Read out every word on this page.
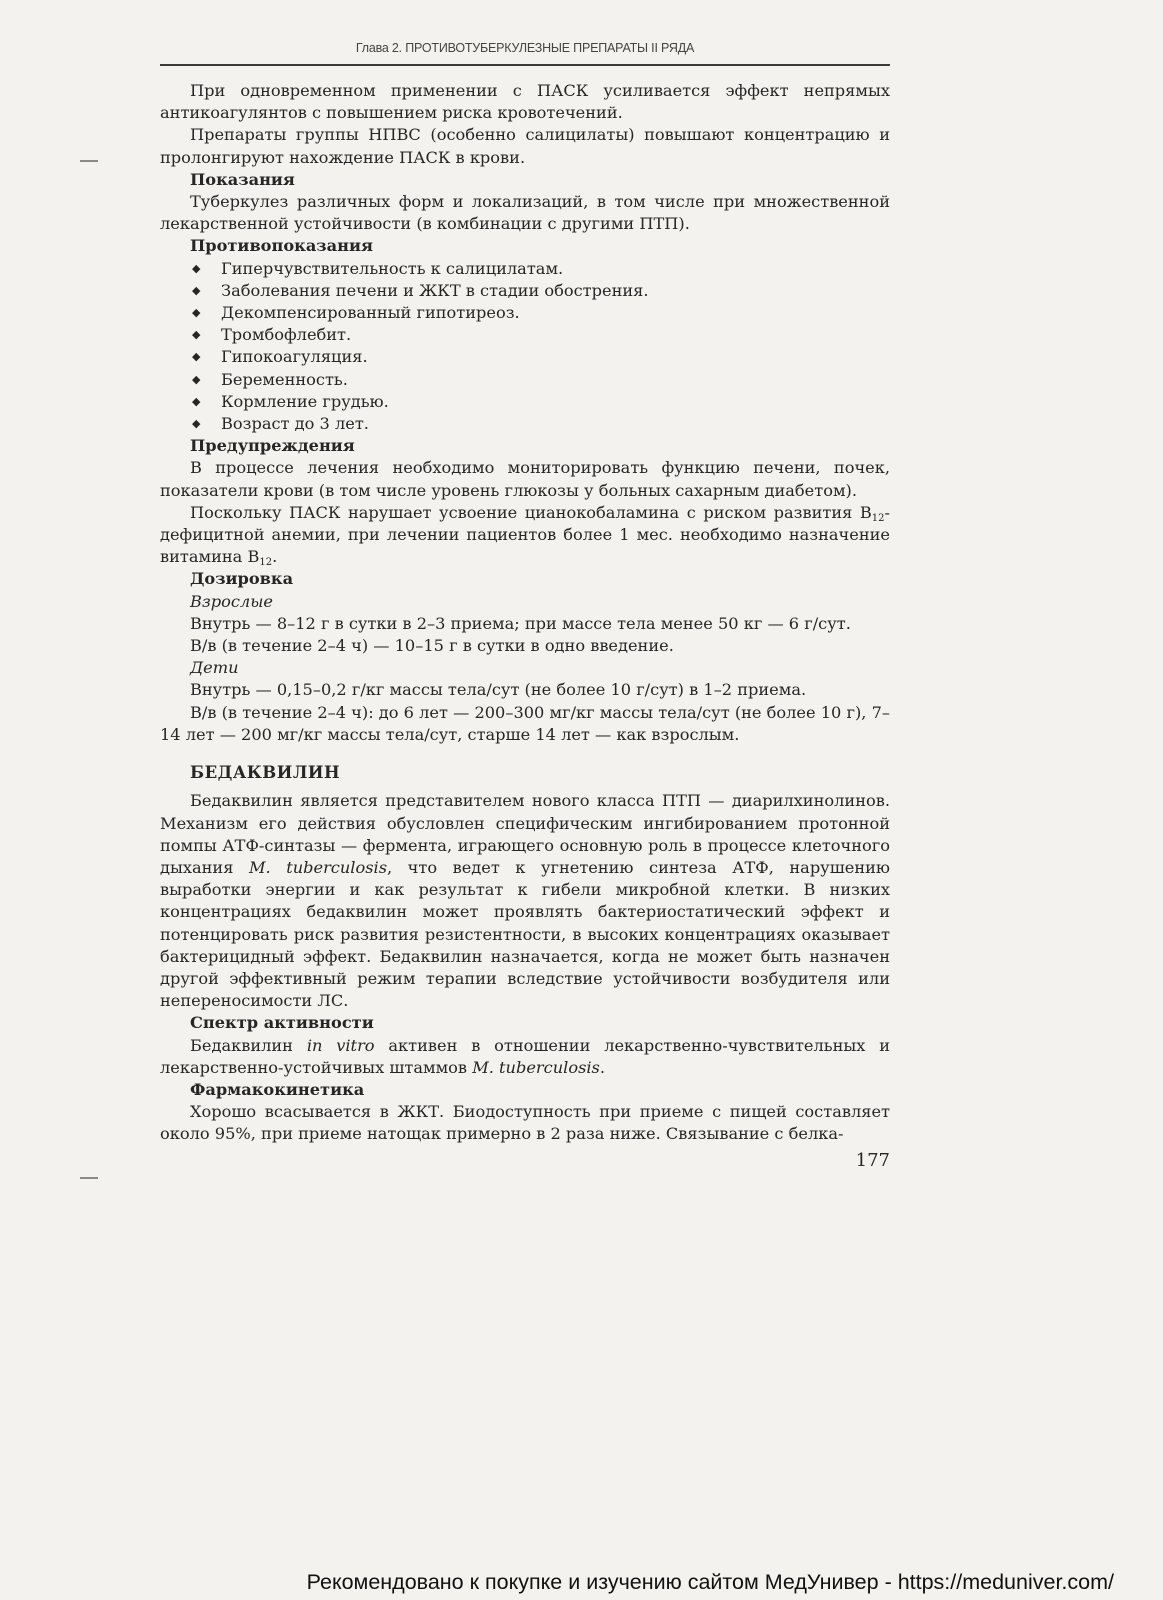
Глава 2. ПРОТИВОТУБЕРКУЛЕЗНЫЕ ПРЕПАРАТЫ II РЯДА

При одновременном применении с ПАСК усиливается эффект непрямых антикоагулянтов с повышением риска кровотечений.

Препараты группы НПВС (особенно салицилаты) повышают концентрацию и пролонгируют нахождение ПАСК в крови.

Показания

Туберкулез различных форм и локализаций, в том числе при множественной лекарственной устойчивости (в комбинации с другими ПТП).

Противопоказания
◆ Гиперчувствительность к салицилатам.
◆ Заболевания печени и ЖКТ в стадии обострения.
◆ Декомпенсированный гипотиреоз.
◆ Тромбофлебит.
◆ Гипокоагуляция.
◆ Беременность.
◆ Кормление грудью.
◆ Возраст до 3 лет.
Предупреждения

В процессе лечения необходимо мониторировать функцию печени, почек, показатели крови (в том числе уровень глюкозы у больных сахарным диабетом).

Поскольку ПАСК нарушает усвоение цианокобаламина с риском развития $B_{12}$-дефицитной анемии, при лечении пациентов более 1 мес. необходимо назначение витамина $B_{12}$.

Дозировка
Взрослые

Внутрь — 8–12 г в сутки в 2–3 приема; при массе тела менее 50 кг — 6 г/сут.

В/в (в течение 2–4 ч) — 10–15 г в сутки в одно введение.

Дети

Внутрь — 0,15–0,2 г/кг массы тела/сут (не более 10 г/сут) в 1–2 приема.

В/в (в течение 2–4 ч): до 6 лет — 200–300 мг/кг массы тела/сут (не более 10 г), 7–14 лет — 200 мг/кг массы тела/сут, старше 14 лет — как взрослым.

БЕДАКВИЛИН

Бедаквилин является представителем нового класса ПТП — диарилхинолинов. Механизм его действия обусловлен специфическим ингибированием протонной помпы АТФ-синтазы — фермента, играющего основную роль в процессе клеточного дыхания M. tuberculosis, что ведет к угнетению синтеза АТФ, нарушению выработки энергии и как результат к гибели микробной клетки. В низких концентрациях бедаквилин может проявлять бактериостатический эффект и потенцировать риск развития резистентности, в высоких концентрациях оказывает бактерицидный эффект. Бедаквилин назначается, когда не может быть назначен другой эффективный режим терапии вследствие устойчивости возбудителя или непереносимости ЛС.

Спектр активности

Бедаквилин in vitro активен в отношении лекарственно-чувствительных и лекарственно-устойчивых штаммов M. tuberculosis.

Фармакокинетика

Хорошо всасывается в ЖКТ. Биодоступность при приеме с пищей составляет около 95%, при приеме натощак примерно в 2 раза ниже. Связывание с белка-

177
Рекомендовано к покупке и изучению сайтом МедУнивер - https://meduniver.com/
